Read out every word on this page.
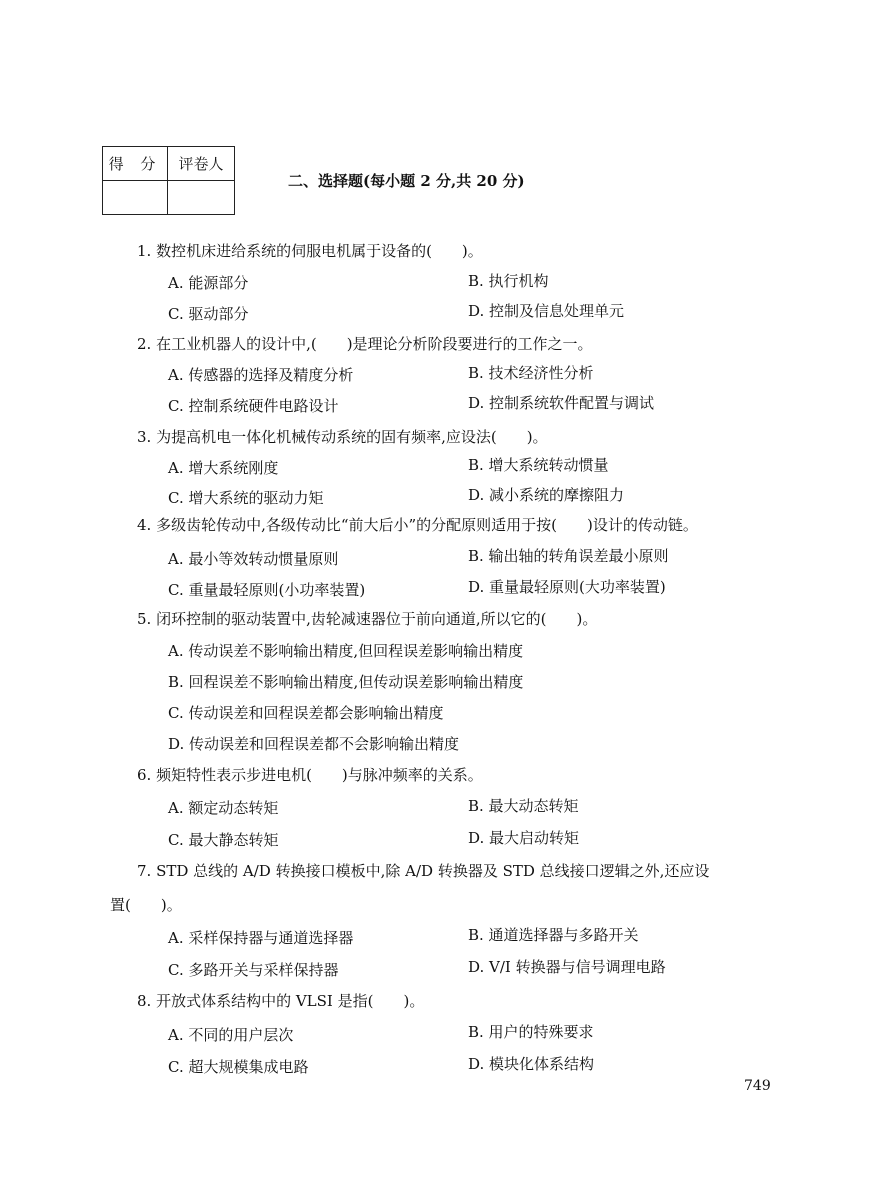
得 分	评卷人

二、选择题(每小题 2 分,共 20 分)
1. 数控机床进给系统的伺服电机属于设备的(　　)。
A. 能源部分	B. 执行机构
C. 驱动部分	D. 控制及信息处理单元
2. 在工业机器人的设计中,(　　)是理论分析阶段要进行的工作之一。
A. 传感器的选择及精度分析	B. 技术经济性分析
C. 控制系统硬件电路设计	D. 控制系统软件配置与调试
3. 为提高机电一体化机械传动系统的固有频率,应设法(　　)。
A. 增大系统刚度	B. 增大系统转动惯量
C. 增大系统的驱动力矩	D. 减小系统的摩擦阻力
4. 多级齿轮传动中,各级传动比“前大后小”的分配原则适用于按(　　)设计的传动链。
A. 最小等效转动惯量原则	B. 输出轴的转角误差最小原则
C. 重量最轻原则(小功率装置)	D. 重量最轻原则(大功率装置)
5. 闭环控制的驱动装置中,齿轮减速器位于前向通道,所以它的(　　)。
A. 传动误差不影响输出精度,但回程误差影响输出精度
B. 回程误差不影响输出精度,但传动误差影响输出精度
C. 传动误差和回程误差都会影响输出精度
D. 传动误差和回程误差都不会影响输出精度
6. 频矩特性表示步进电机(　　)与脉冲频率的关系。
A. 额定动态转矩	B. 最大动态转矩
C. 最大静态转矩	D. 最大启动转矩
7. STD 总线的 A/D 转换接口模板中,除 A/D 转换器及 STD 总线接口逻辑之外,还应设
置(　　)。
A. 采样保持器与通道选择器	B. 通道选择器与多路开关
C. 多路开关与采样保持器	D. V/I 转换器与信号调理电路
8. 开放式体系结构中的 VLSI 是指(　　)。
A. 不同的用户层次	B. 用户的特殊要求
C. 超大规模集成电路	D. 模块化体系结构
749
